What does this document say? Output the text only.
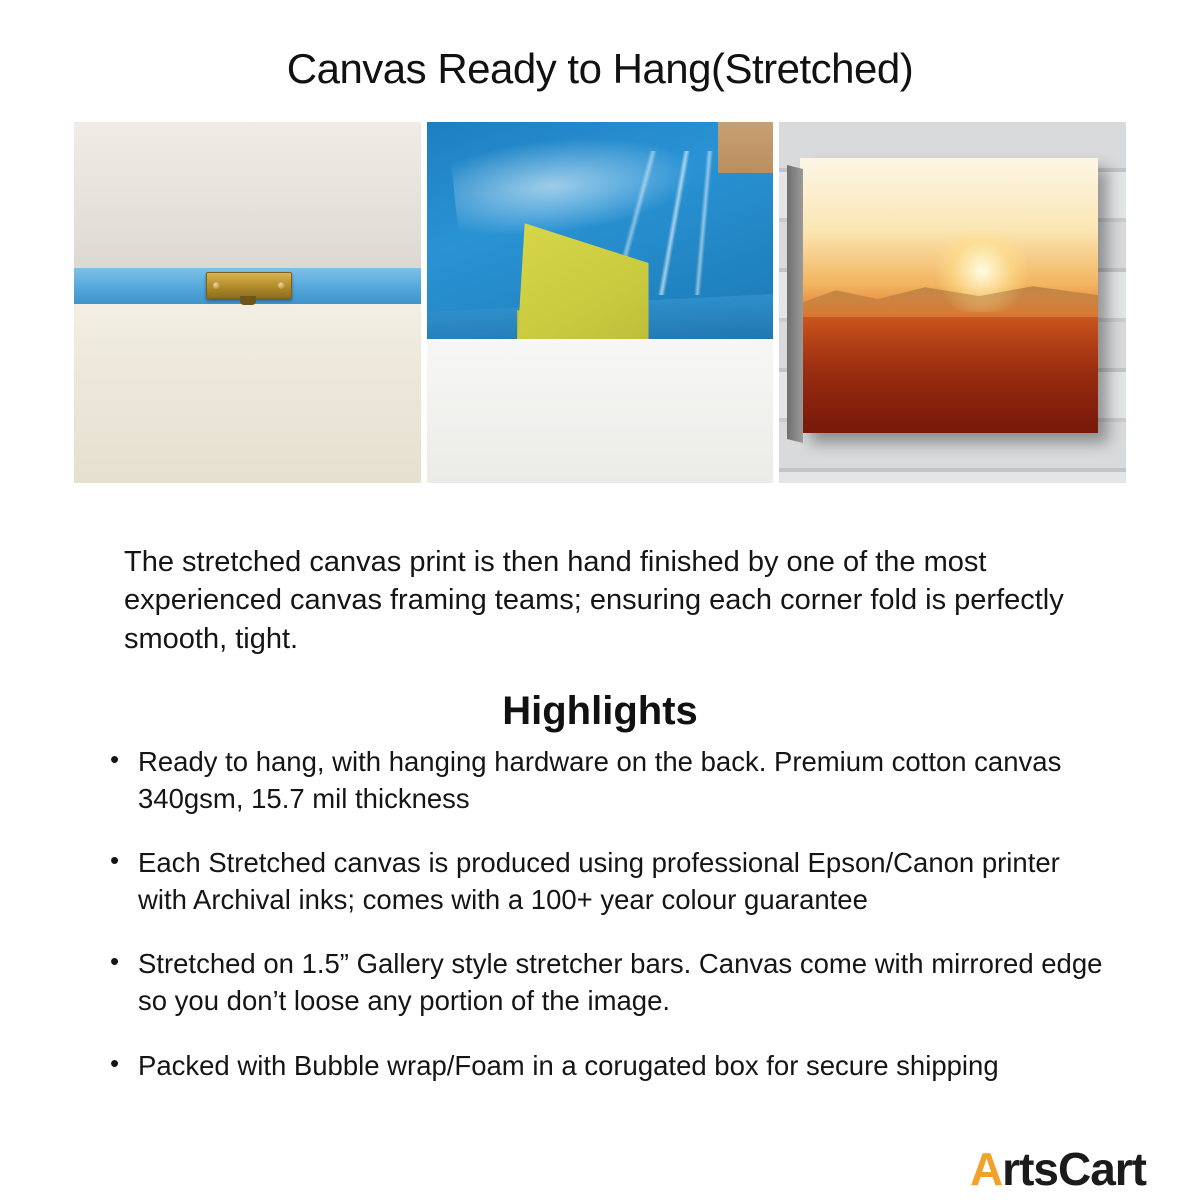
Canvas Ready to Hang(Stretched)

The stretched canvas print is then hand finished by one of the most experienced canvas framing teams; ensuring each corner fold is perfectly smooth, tight.

Highlights
• Ready to hang, with hanging hardware on the back. Premium cotton canvas 340gsm, 15.7 mil thickness
• Each Stretched canvas is produced using professional Epson/Canon printer with Archival inks; comes with a 100+ year colour guarantee
• Stretched on 1.5” Gallery style stretcher bars. Canvas come with mirrored edge so you don’t loose any portion of the image.
• Packed with Bubble wrap/Foam in a corugated box for secure shipping
ArtsCart
